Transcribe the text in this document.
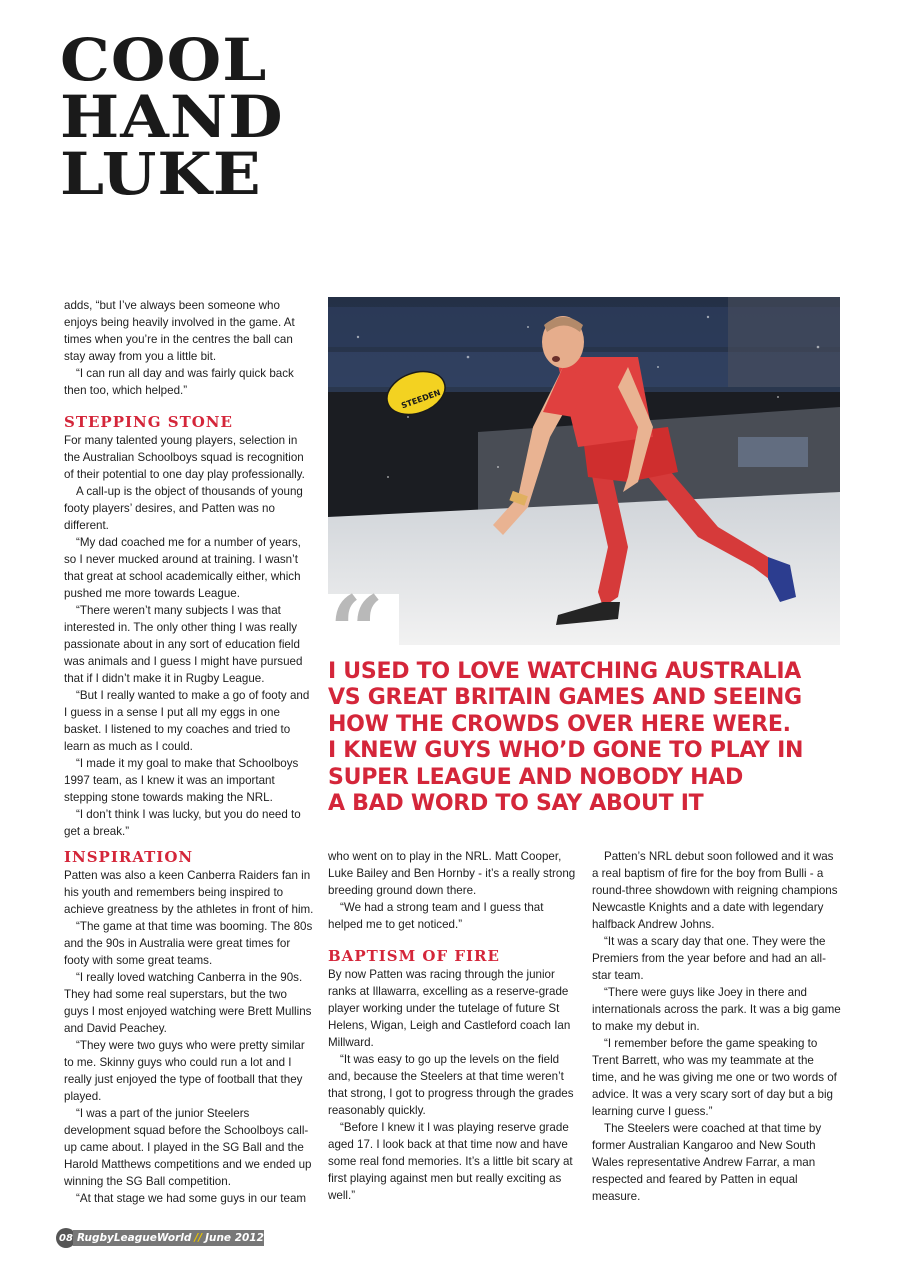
COOL
HAND
LUKE

adds, “but I’ve always been someone who enjoys being heavily involved in the game. At times when you’re in the centres the ball can stay away from you a little bit.

“I can run all day and was fairly quick back then too, which helped.”

STEPPING STONE

For many talented young players, selection in the Australian Schoolboys squad is recognition of their potential to one day play professionally.

A call-up is the object of thousands of young footy players’ desires, and Patten was no different.

“My dad coached me for a number of years, so I never mucked around at training. I wasn’t that great at school academically either, which pushed me more towards League.

“There weren’t many subjects I was that interested in. The only other thing I was really passionate about in any sort of education field was animals and I guess I might have pursued that if I didn’t make it in Rugby League.

“But I really wanted to make a go of footy and I guess in a sense I put all my eggs in one basket. I listened to my coaches and tried to learn as much as I could.

“I made it my goal to make that Schoolboys 1997 team, as I knew it was an important stepping stone towards making the NRL.

“I don’t think I was lucky, but you do need to get a break.”

STEEDEN
“
I USED TO LOVE WATCHING AUSTRALIA
VS GREAT BRITAIN GAMES AND SEEING
HOW THE CROWDS OVER HERE WERE.
I KNEW GUYS WHO’D GONE TO PLAY IN
SUPER LEAGUE AND NOBODY HAD
A BAD WORD TO SAY ABOUT IT
INSPIRATION

Patten was also a keen Canberra Raiders fan in his youth and remembers being inspired to achieve greatness by the athletes in front of him.

“The game at that time was booming. The 80s and the 90s in Australia were great times for footy with some great teams.

“I really loved watching Canberra in the 90s. They had some real superstars, but the two guys I most enjoyed watching were Brett Mullins and David Peachey.

“They were two guys who were pretty similar to me. Skinny guys who could run a lot and I really just enjoyed the type of football that they played.

“I was a part of the junior Steelers development squad before the Schoolboys call-up came about. I played in the SG Ball and the Harold Matthews competitions and we ended up winning the SG Ball competition.

“At that stage we had some guys in our team

who went on to play in the NRL. Matt Cooper, Luke Bailey and Ben Hornby - it’s a really strong breeding ground down there.

“We had a strong team and I guess that helped me to get noticed.”

BAPTISM OF FIRE

By now Patten was racing through the junior ranks at Illawarra, excelling as a reserve-grade player working under the tutelage of future St Helens, Wigan, Leigh and Castleford coach Ian Millward.

“It was easy to go up the levels on the field and, because the Steelers at that time weren’t that strong, I got to progress through the grades reasonably quickly.

“Before I knew it I was playing reserve grade aged 17. I look back at that time now and have some real fond memories. It’s a little bit scary at first playing against men but really exciting as well.”

Patten’s NRL debut soon followed and it was a real baptism of fire for the boy from Bulli - a round-three showdown with reigning champions Newcastle Knights and a date with legendary halfback Andrew Johns.

“It was a scary day that one. They were the Premiers from the year before and had an all-star team.

“There were guys like Joey in there and internationals across the park. It was a big game to make my debut in.

“I remember before the game speaking to Trent Barrett, who was my teammate at the time, and he was giving me one or two words of advice. It was a very scary sort of day but a big learning curve I guess.”

The Steelers were coached at that time by former Australian Kangaroo and New South Wales representative Andrew Farrar, a man respected and feared by Patten in equal measure.

08 RugbyLeagueWorld // June 2012
